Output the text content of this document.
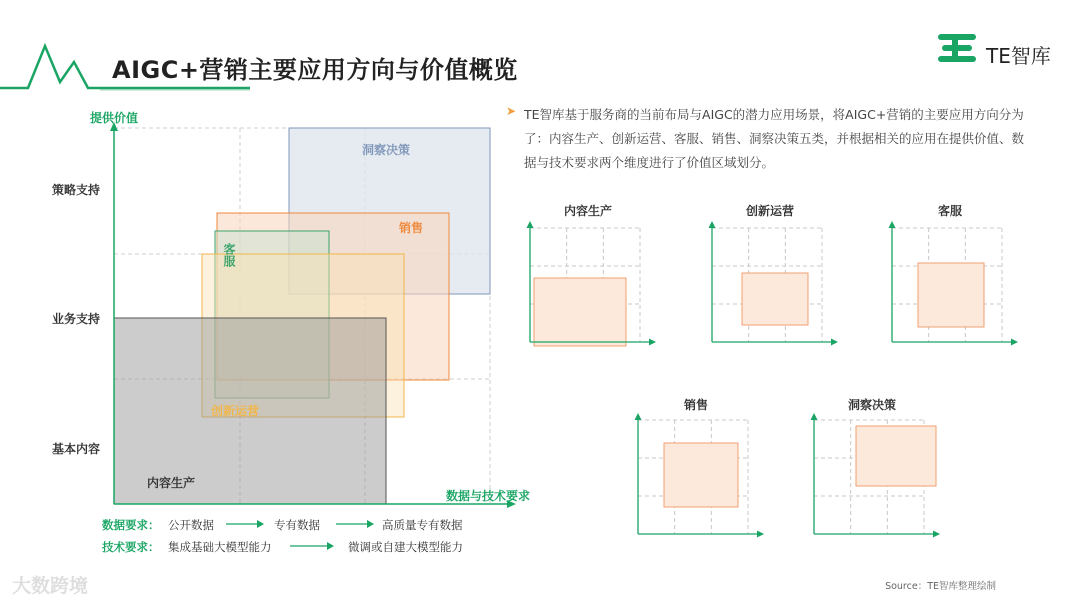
AIGC+营销主要应用方向与价值概览	TE智库
提供价值
数据与技术要求
策略支持
业务支持
基本内容
洞察决策
销售
客服
创新运营
内容生产
数据要求： 公开数据	专有数据	高质量专有数据
技术要求： 集成基础大模型能力	微调或自建大模型能力
➤ TE智库基于服务商的当前布局与AIGC的潜力应用场景，将AIGC+营销的主要应用方向分为了：内容生产、创新运营、客服、销售、洞察决策五类，并根据相关的应用在提供价值、数据与技术要求两个维度进行了价值区域划分。
内容生产	创新运营	客服
销售	洞察决策
Source：TE智库整理绘制
大数跨境
